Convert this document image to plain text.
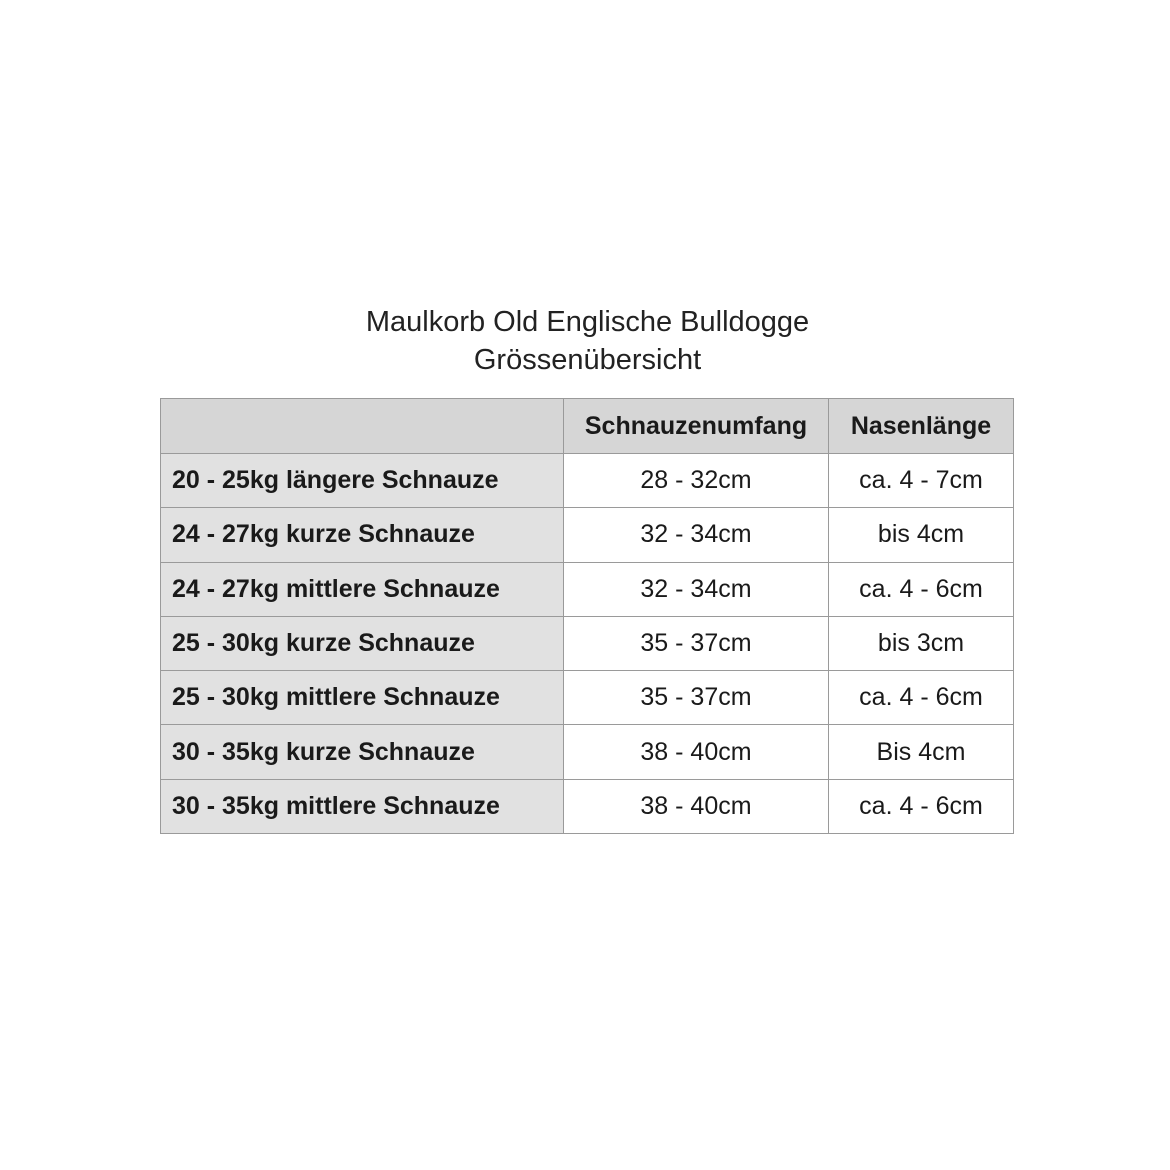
Maulkorb Old Englische Bulldogge
Grössenübersicht
	Schnauzenumfang	Nasenlänge
20 - 25kg längere Schnauze	28 - 32cm	ca. 4 - 7cm
24 - 27kg kurze Schnauze	32 - 34cm	bis 4cm
24 - 27kg mittlere Schnauze	32 - 34cm	ca. 4 - 6cm
25 - 30kg kurze Schnauze	35 - 37cm	bis 3cm
25 - 30kg mittlere Schnauze	35 - 37cm	ca. 4 - 6cm
30 - 35kg kurze Schnauze	38 - 40cm	Bis 4cm
30 - 35kg mittlere Schnauze	38 - 40cm	ca. 4 - 6cm
